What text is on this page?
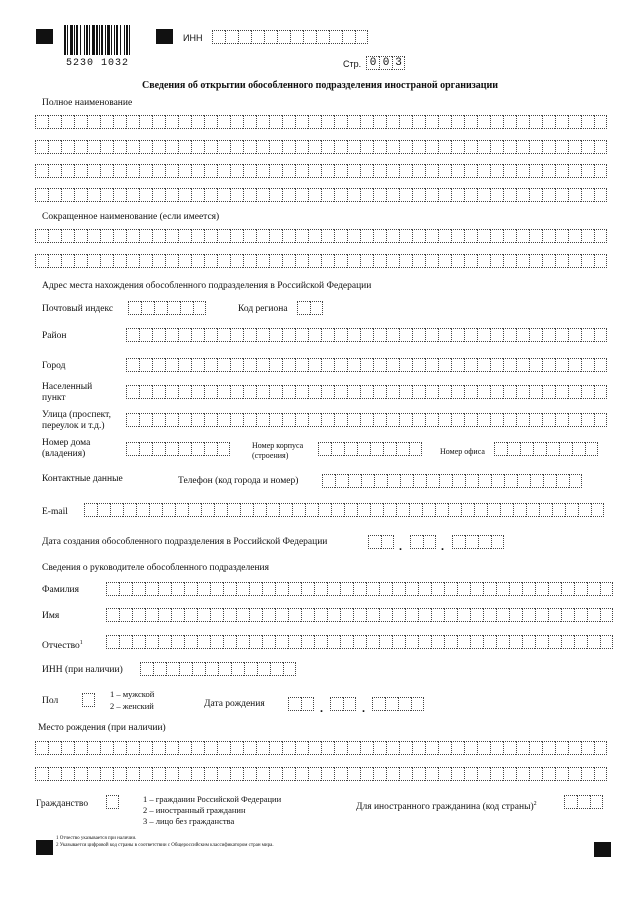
5230 1032
ИНН
Стр. 0 0 3
Сведения об открытии обособленного подразделения иностраной организации
Полное наименование
Сокращенное наименование (если имеется)
Адрес места нахождения обособленного подразделения в Российской Федерации
Почтовый индекс	Код региона
Район
Город
Населенный пункт
Улица (проспект, переулок и т.д.)
Номер дома (владения)
Номер корпуса (строения)	Номер офиса
Контактные данные	Телефон (код города и номер)
E-mail
Дата создания обособленного подразделения в Российской Федерации	.	.
Сведения о руководителе обособленного подразделения
Фамилия
Имя
Отчество$^1$
ИНН (при наличии)
Пол
1 – мужской
2 – женский	Дата рождения	.	.
Место рождения (при наличии)
Гражданство	1 – гражданин Российской Федерации
2 – иностранный гражданин
3 – лицо без гражданства
Для иностранного гражданина (код страны)$^2$
1 Отчество указывается при наличии.
2 Указывается цифровой код страны в соответствии с Общероссийским классификатором стран мира.
